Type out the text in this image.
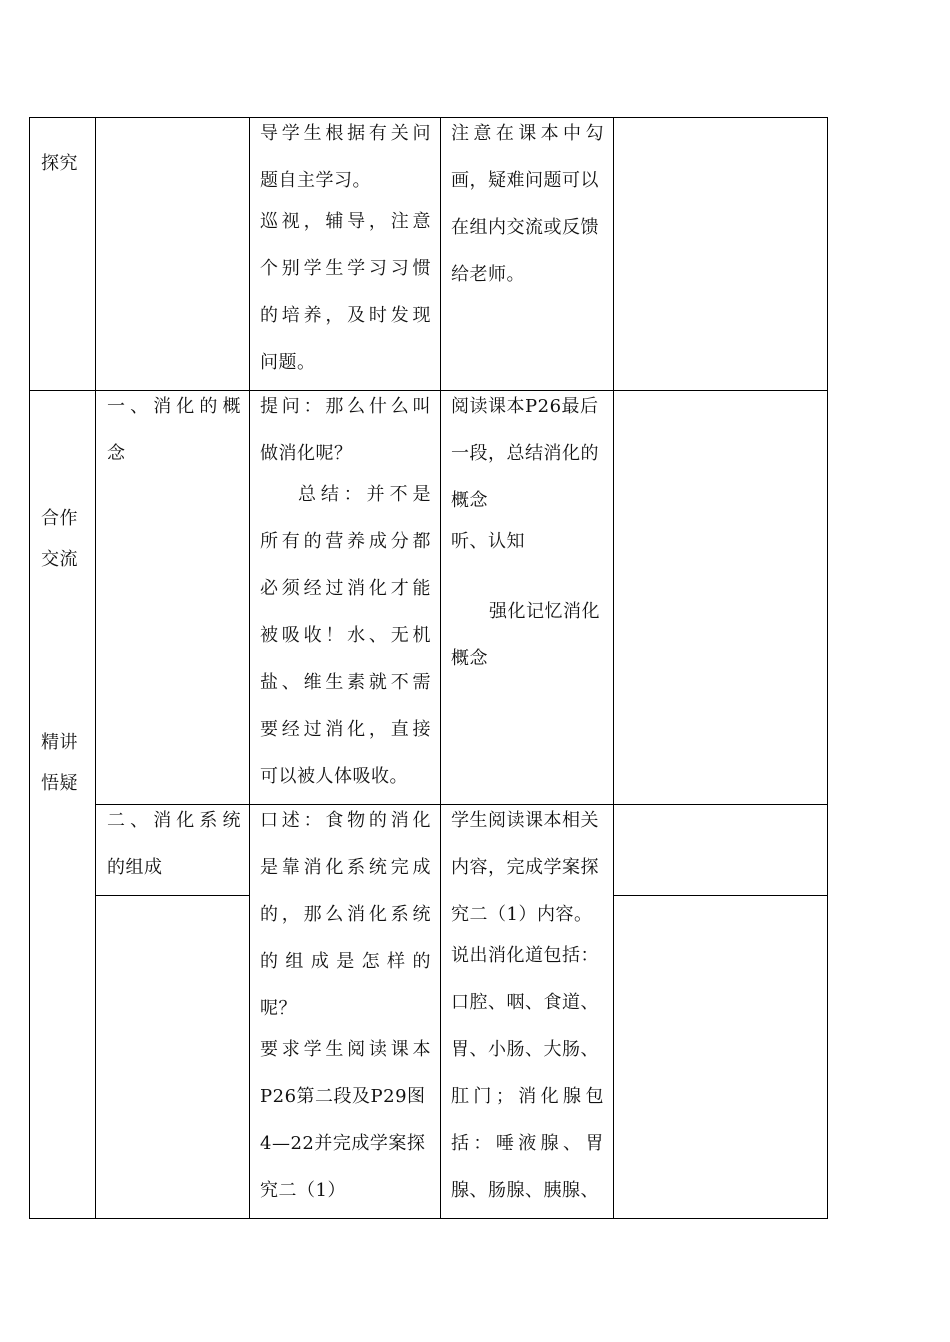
探究
导 学 生 根 据 有 关 问
题自主学习。
巡 视 ， 辅 导 ， 注 意
个 别 学 生 学 习 习 惯
的 培 养 ， 及 时 发 现
问题。
注 意 在 课 本 中 勾
画，疑难问题可以
在组内交流或反馈
给老师。
合作
交流
精讲
悟疑
一 、 消 化 的 概
念
提 问 ： 那 么 什 么 叫
做消化呢？
总 结 ： 并 不 是
所 有 的 营 养 成 分 都
必 须 经 过 消 化 才 能
被 吸 收 ！ 水 、 无 机
盐 、 维 生 素 就 不 需
要 经 过 消 化 ， 直 接
可以被人体吸收。
阅读课本P26最后
一段，总结消化的
概念
听、认知
强化记忆消化
概念
二 、 消 化 系 统
的组成
口 述 ： 食 物 的 消 化
是 靠 消 化 系 统 完 成
的 ， 那 么 消 化 系 统
的 组 成 是 怎 样 的
呢？
要 求 学 生 阅 读 课 本
P26第二段及P29图
4—22并完成学案探
究二（1）
学生阅读课本相关
内容，完成学案探
究二（1）内容。
说出消化道包括：
口腔、咽、食道、
胃、小肠、大肠、
肛 门 ； 消 化 腺 包
括 ： 唾 液 腺 、 胃
腺、肠腺、胰腺、
